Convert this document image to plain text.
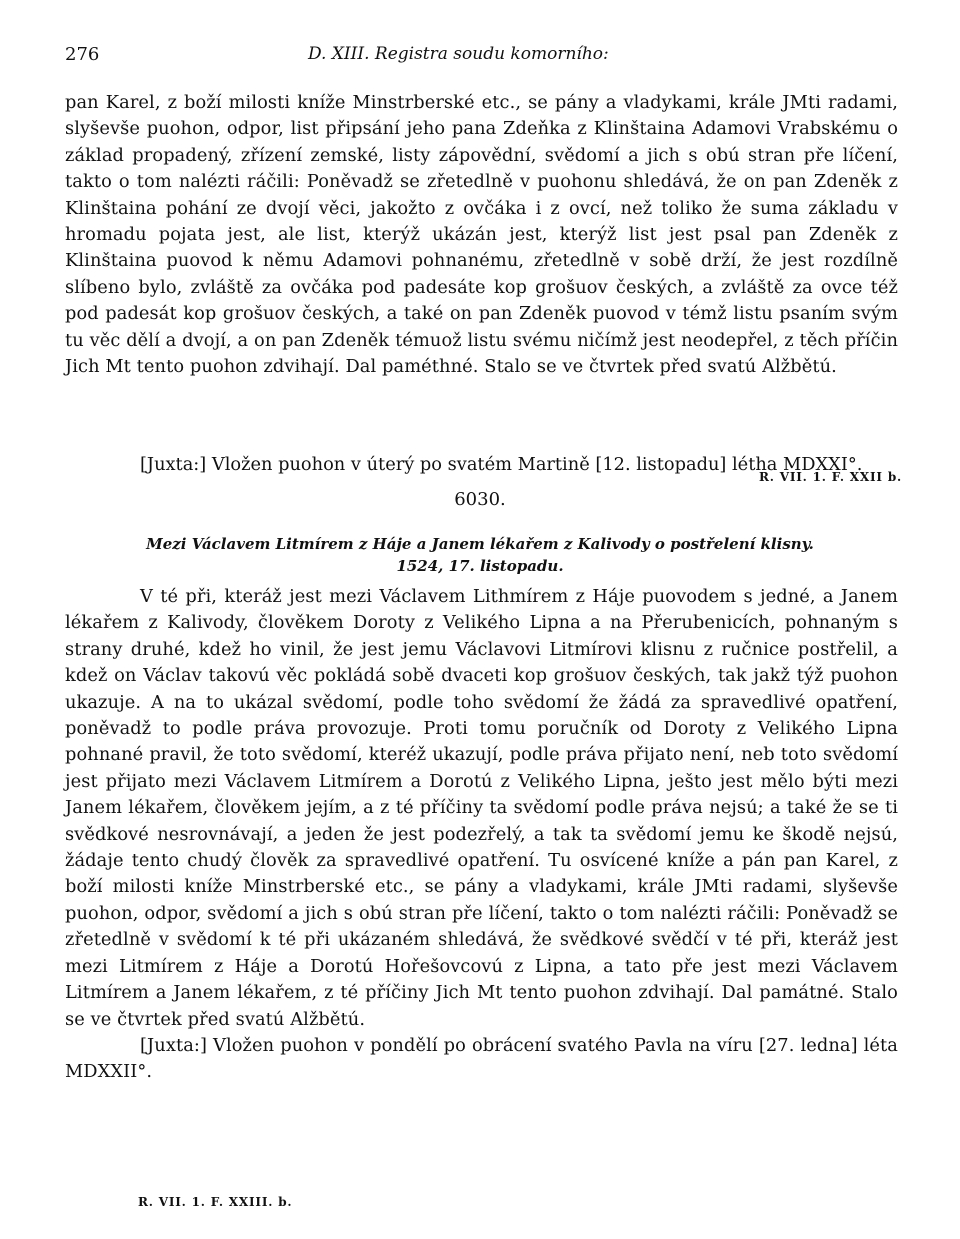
276	D. XIII. Registra soudu komorního:

pan Karel, z boží milosti kníže Minstrberské etc., se pány a vladykami, krále JMti radami, slyševše puohon, odpor, list připsání jeho pana Zdeňka z Klinštaina Adamovi Vrabskému o základ propadený, zřízení zemské, listy zápovědní, svědomí a jich s obú stran pře líčení, takto o tom nalézti ráčili: Poněvadž se zřetedlně v puohonu shledává, že on pan Zdeněk z Klinštaina pohání ze dvojí věci, jakožto z ovčáka i z ovcí, než toliko že suma základu v hromadu pojata jest, ale list, kterýž ukázán jest, kterýž list jest psal pan Zdeněk z Klinštaina puovod k němu Adamovi pohnanému, zřetedlně v sobě drží, že jest rozdílně slíbeno bylo, zvláště za ovčáka pod padesáte kop grošuov českých, a zvláště za ovce též pod padesát kop grošuov českých, a také on pan Zdeněk puovod v témž listu psaním svým tu věc dělí a dvojí, a on pan Zdeněk témuož listu svému ničímž jest neodepřel, z těch příčin Jich Mt tento puohon zdvihají. Dal paméthné. Stalo se ve čtvrtek před svatú Alžbětú.

[Juxta:] Vložen puohon v úterý po svatém Martině [12. listopadu] létha MDXXI°.

R. VII. 1. F. XXII b.
6030.
Mezi Václavem Litmírem z Háje a Janem lékařem z Kalivody o postřelení klisny.
1524, 17. listopadu.

V té při, kteráž jest mezi Václavem Lithmírem z Háje puovodem s jedné, a Janem lékařem z Kalivody, člověkem Doroty z Velikého Lipna a na Přerubenicích, pohnaným s strany druhé, kdež ho vinil, že jest jemu Václavovi Litmírovi klisnu z ručnice postřelil, a kdež on Václav takovú věc pokládá sobě dvaceti kop grošuov českých, tak jakž týž puohon ukazuje. A na to ukázal svědomí, podle toho svědomí že žádá za spravedlivé opatření, poněvadž to podle práva provozuje. Proti tomu poručník od Doroty z Velikého Lipna pohnané pravil, že toto svědomí, kteréž ukazují, podle práva přijato není, neb toto svědomí jest přijato mezi Václavem Litmírem a Dorotú z Velikého Lipna, ješto jest mělo býti mezi Janem lékařem, člověkem jejím, a z té příčiny ta svědomí podle práva nejsú; a také že se ti svědkové nesrovnávají, a jeden že jest podezřelý, a tak ta svědomí jemu ke škodě nejsú, žádaje tento chudý člověk za spravedlivé opatření. Tu osvícené kníže a pán pan Karel, z boží milosti kníže Minstrberské etc., se pány a vladykami, krále JMti radami, slyševše puohon, odpor, svědomí a jich s obú stran pře líčení, takto o tom nalézti ráčili: Poněvadž se zřetedlně v svědomí k té při ukázaném shledává, že svědkové svědčí v té při, kteráž jest mezi Litmírem z Háje a Dorotú Hořešovcovú z Lipna, a tato pře jest mezi Václavem Litmírem a Janem lékařem, z té příčiny Jich Mt tento puohon zdvihají. Dal památné. Stalo se ve čtvrtek před svatú Alžbětú.

[Juxta:] Vložen puohon v pondělí po obrácení svatého Pavla na víru [27. ledna] léta MDXXII°.

R. VII. 1. F. XXIII. b.
